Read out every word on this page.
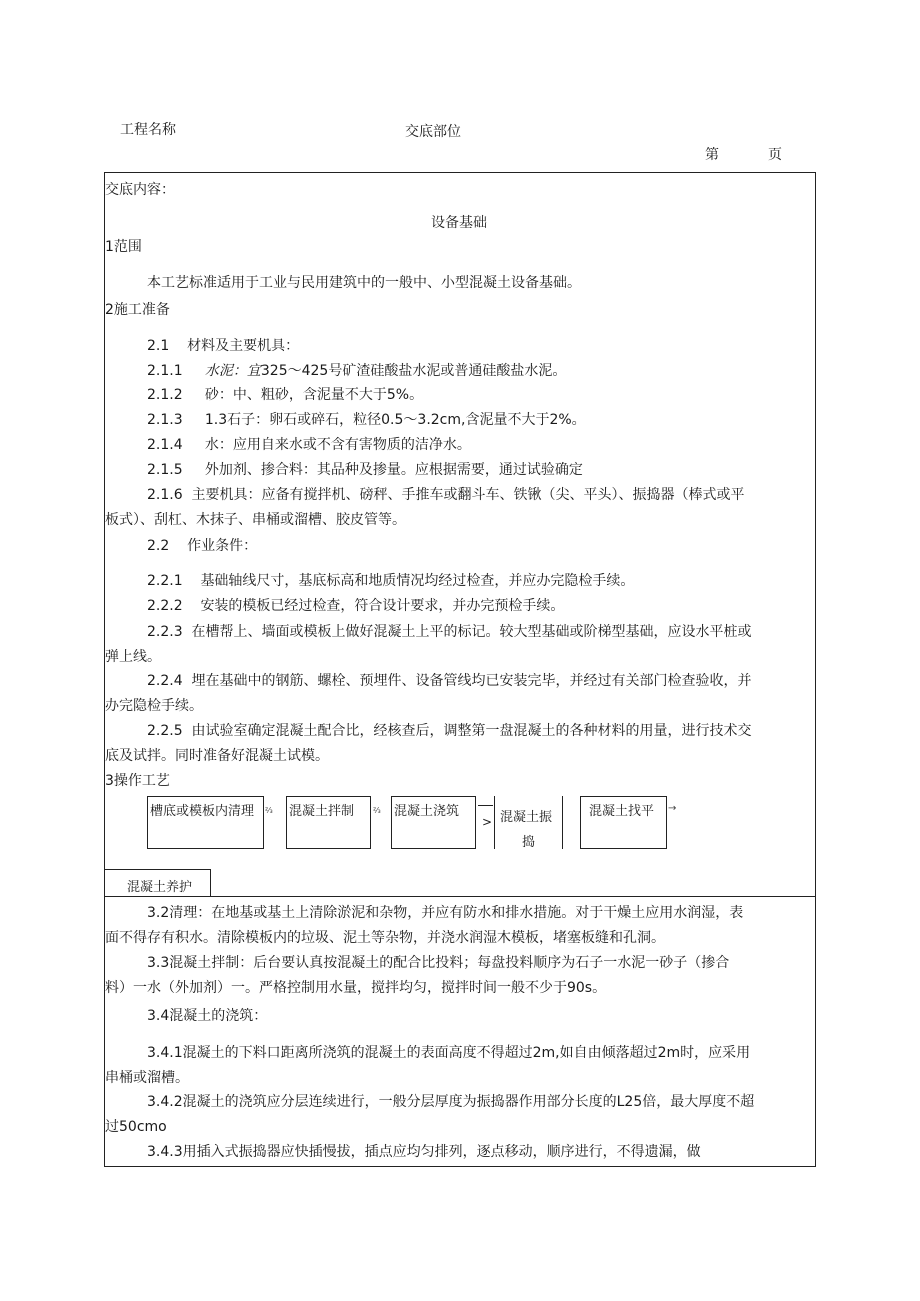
工程名称	交底部位
第	页
交底内容：
设备基础
1范围
本工艺标准适用于工业与民用建筑中的一般中、小型混凝土设备基础。
2施工准备
2.1 材料及主要机具：
2.1.1 水泥：宜325～425号矿渣硅酸盐水泥或普通硅酸盐水泥。
2.1.2 砂：中、粗砂，含泥量不大于5%。
2.1.3 1.3石子：卵石或碎石，粒径0.5～3.2cm,含泥量不大于2%。
2.1.4 水：应用自来水或不含有害物质的洁净水。
2.1.5 外加剂、掺合料：其品种及掺量。应根据需要，通过试验确定
2.1.6 主要机具：应备有搅拌机、磅秤、手推车或翻斗车、铁锹（尖、平头）、振捣器（棒式或平
板式）、刮杠、木抹子、串桶或溜槽、胶皮管等。
2.2 作业条件：
2.2.1 基础轴线尺寸，基底标高和地质情况均经过检查，并应办完隐检手续。
2.2.2 安装的模板已经过检查，符合设计要求，并办完预检手续。
2.2.3 在槽帮上、墙面或模板上做好混凝土上平的标记。较大型基础或阶梯型基础，应设水平桩或
弹上线。
2.2.4 埋在基础中的钢筋、螺栓、预埋件、设备管线均已安装完毕，并经过有关部门检查验收，并
办完隐检手续。
2.2.5 由试验室确定混凝土配合比，经核查后，调整第一盘混凝土的各种材料的用量，进行技术交
底及试拌。同时准备好混凝土试模。
3操作工艺
槽底或模板内清理 ⅔ 混凝土拌制 ⅔ 混凝土浇筑
> 混凝土振
捣
混凝土找平 →
混凝土养护
3.2清理：在地基或基土上清除淤泥和杂物，并应有防水和排水措施。对于干燥土应用水润湿，表
面不得存有积水。清除模板内的垃圾、泥土等杂物，并浇水润湿木模板，堵塞板缝和孔洞。
3.3混凝土拌制：后台要认真按混凝土的配合比投料；每盘投料顺序为石子一水泥一砂子（掺合
料）一水（外加剂）一。严格控制用水量，搅拌均匀，搅拌时间一般不少于90s。
3.4混凝土的浇筑：
3.4.1混凝土的下料口距离所浇筑的混凝土的表面高度不得超过2m,如自由倾落超过2m时，应采用
串桶或溜槽。
3.4.2混凝土的浇筑应分层连续进行，一般分层厚度为振捣器作用部分长度的L25倍，最大厚度不超
过50cmo
3.4.3用插入式振捣器应快插慢拔，插点应均匀排列，逐点移动，顺序进行，不得遗漏，做
